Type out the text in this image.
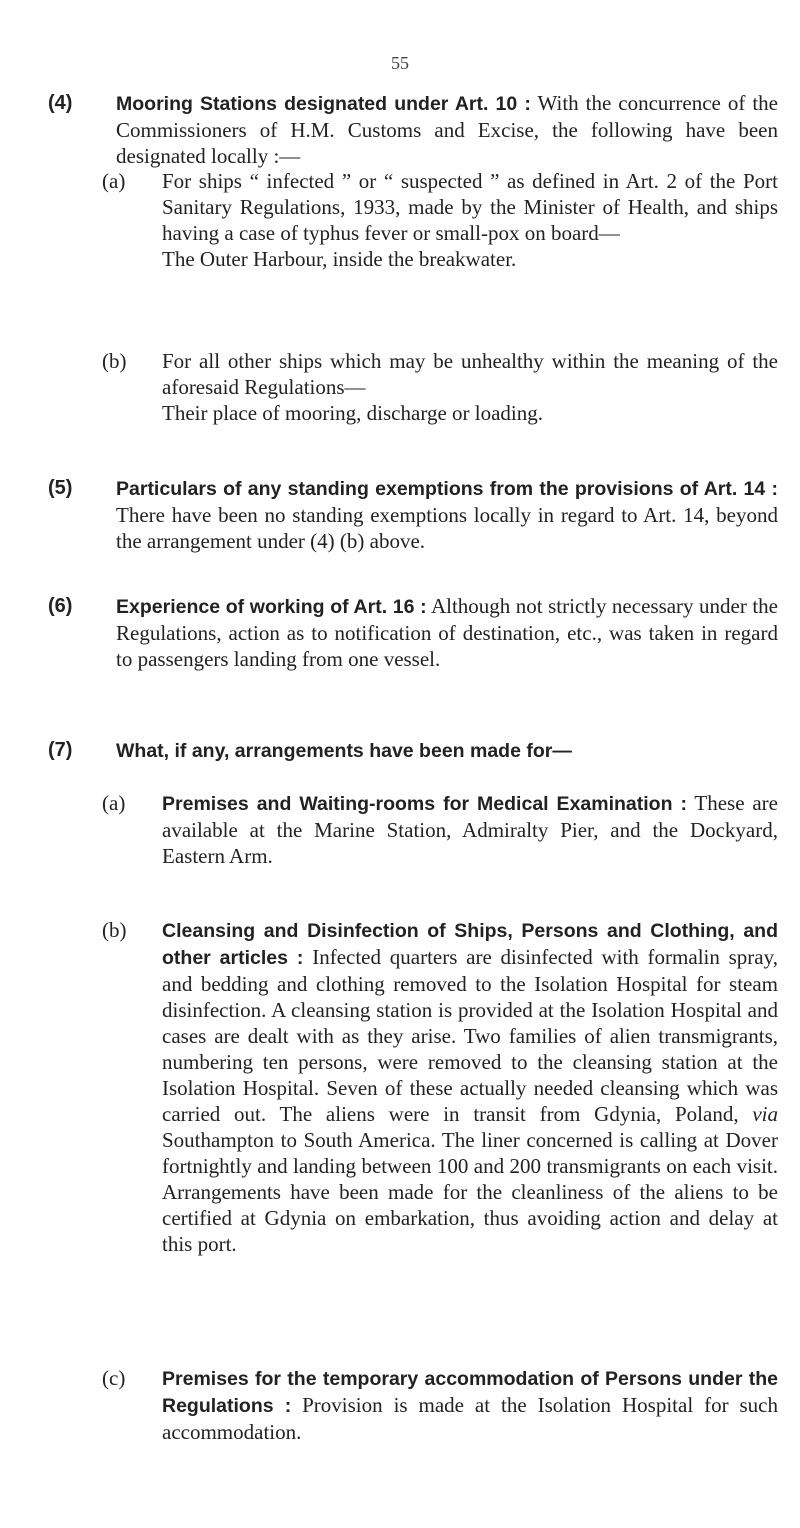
55
(4)	Mooring Stations designated under Art. 10 : With the concurrence of the Commissioners of H.M. Customs and Excise, the following have been designated locally :—
(a)	For ships “ infected ” or “ suspected ” as defined in Art. 2 of the Port Sanitary Regulations, 1933, made by the Minister of Health, and ships having a case of typhus fever or small-pox on board—
The Outer Harbour, inside the breakwater.
(b)	For all other ships which may be unhealthy within the meaning of the aforesaid Regulations—
Their place of mooring, discharge or loading.
(5)	Particulars of any standing exemptions from the provisions of Art. 14 : There have been no standing exemptions locally in regard to Art. 14, beyond the arrangement under (4) (b) above.
(6)	Experience of working of Art. 16 : Although not strictly necessary under the Regulations, action as to notification of destination, etc., was taken in regard to passengers landing from one vessel.
(7)	What, if any, arrangements have been made for—
(a)	Premises and Waiting-rooms for Medical Examination : These are available at the Marine Station, Admiralty Pier, and the Dockyard, Eastern Arm.
(b)	Cleansing and Disinfection of Ships, Persons and Clothing, and other articles : Infected quarters are disinfected with formalin spray, and bedding and clothing removed to the Isolation Hospital for steam disinfection. A cleansing station is provided at the Isolation Hospital and cases are dealt with as they arise. Two families of alien transmigrants, numbering ten persons, were removed to the cleansing station at the Isolation Hospital. Seven of these actually needed cleansing which was carried out. The aliens were in transit from Gdynia, Poland, via Southampton to South America. The liner concerned is calling at Dover fortnightly and landing between 100 and 200 transmigrants on each visit. Arrangements have been made for the cleanliness of the aliens to be certified at Gdynia on embarkation, thus avoiding action and delay at this port.
(c)	Premises for the temporary accommodation of Persons under the Regulations : Provision is made at the Isolation Hospital for such accommodation.
